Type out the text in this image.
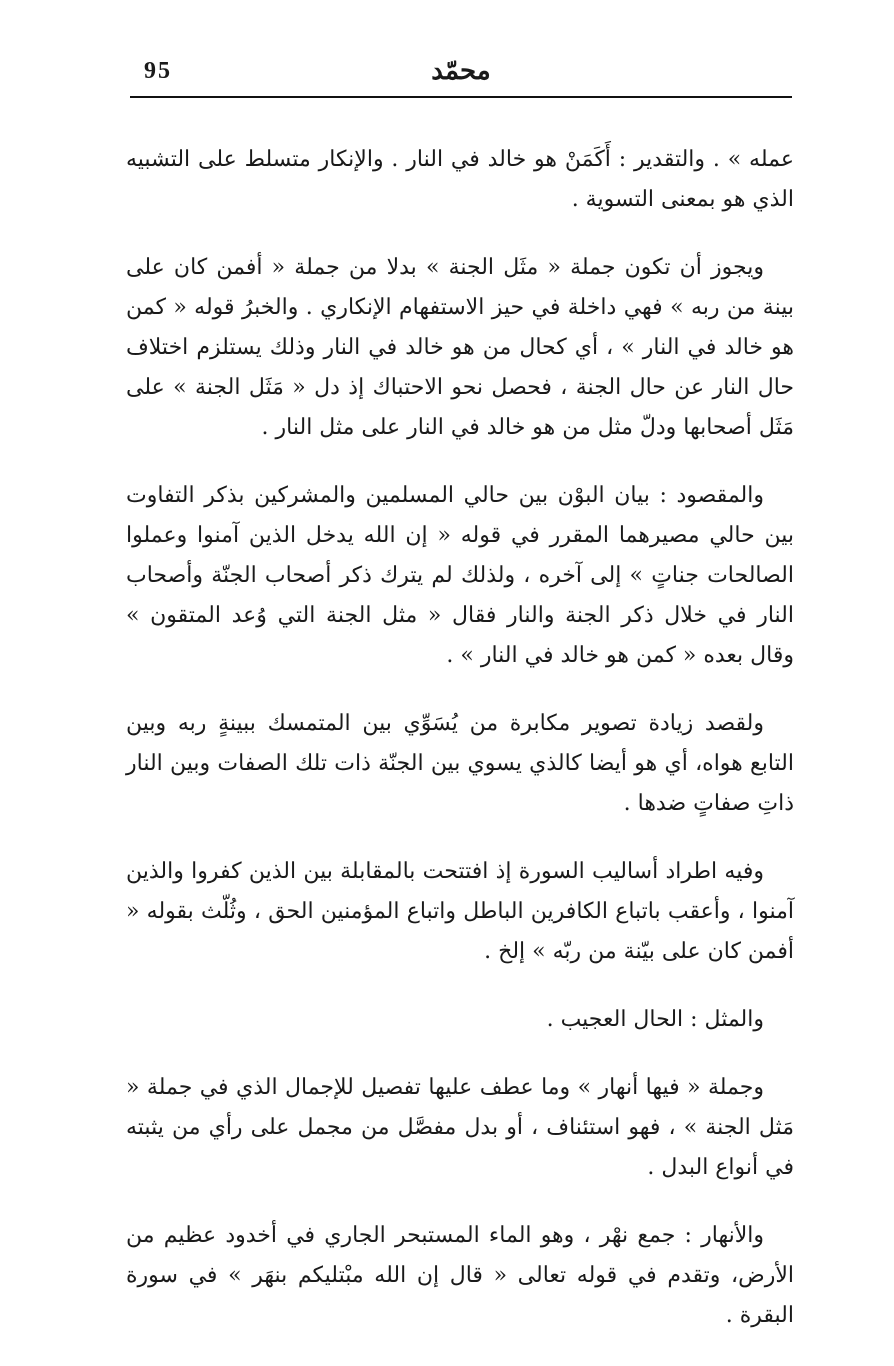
95	محمّد

عمله » . والتقدير : أَكَمَنْ هو خالد في النار . والإنكار متسلط على التشبيه الذي هو بمعنى التسوية .

ويجوز أن تكون جملة « مثَل الجنة » بدلا من جملة « أفمن كان على بينة من ربه » فهي داخلة في حيز الاستفهام الإنكاري . والخبرُ قوله « كمن هو خالد في النار » ، أي كحال من هو خالد في النار وذلك يستلزم اختلاف حال النار عن حال الجنة ، فحصل نحو الاحتباك إذ دل « مَثَل الجنة » على مَثَل أصحابها ودلّ مثل من هو خالد في النار على مثل النار .

والمقصود : بيان البوْن بين حالي المسلمين والمشركين بذكر التفاوت بين حالي مصيرهما المقرر في قوله « إن الله يدخل الذين آمنوا وعملوا الصالحات جناتٍ » إلى آخره ، ولذلك لم يترك ذكر أصحاب الجنّة وأصحاب النار في خلال ذكر الجنة والنار فقال « مثل الجنة التي وُعد المتقون » وقال بعده « كمن هو خالد في النار » .

ولقصد زيادة تصوير مكابرة من يُسَوِّي بين المتمسك ببينةٍ ربه وبين التابع هواه، أي هو أيضا كالذي يسوي بين الجنّة ذات تلك الصفات وبين النار ذاتِ صفاتٍ ضدها .

وفيه اطراد أساليب السورة إذ افتتحت بالمقابلة بين الذين كفروا والذين آمنوا ، وأعقب باتباع الكافرين الباطل واتباع المؤمنين الحق ، وثُلّث بقوله « أفمن كان على بيّنة من ربّه » إلخ .

والمثل : الحال العجيب .

وجملة « فيها أنهار » وما عطف عليها تفصيل للإجمال الذي في جملة « مَثل الجنة » ، فهو استئناف ، أو بدل مفصَّل من مجمل على رأي من يثبته في أنواع البدل .

والأنهار : جمع نهْر ، وهو الماء المستبحر الجاري في أخدود عظيم من الأرض، وتقدم في قوله تعالى « قال إن الله مبْتليكم بنهَر » في سورة البقرة .
